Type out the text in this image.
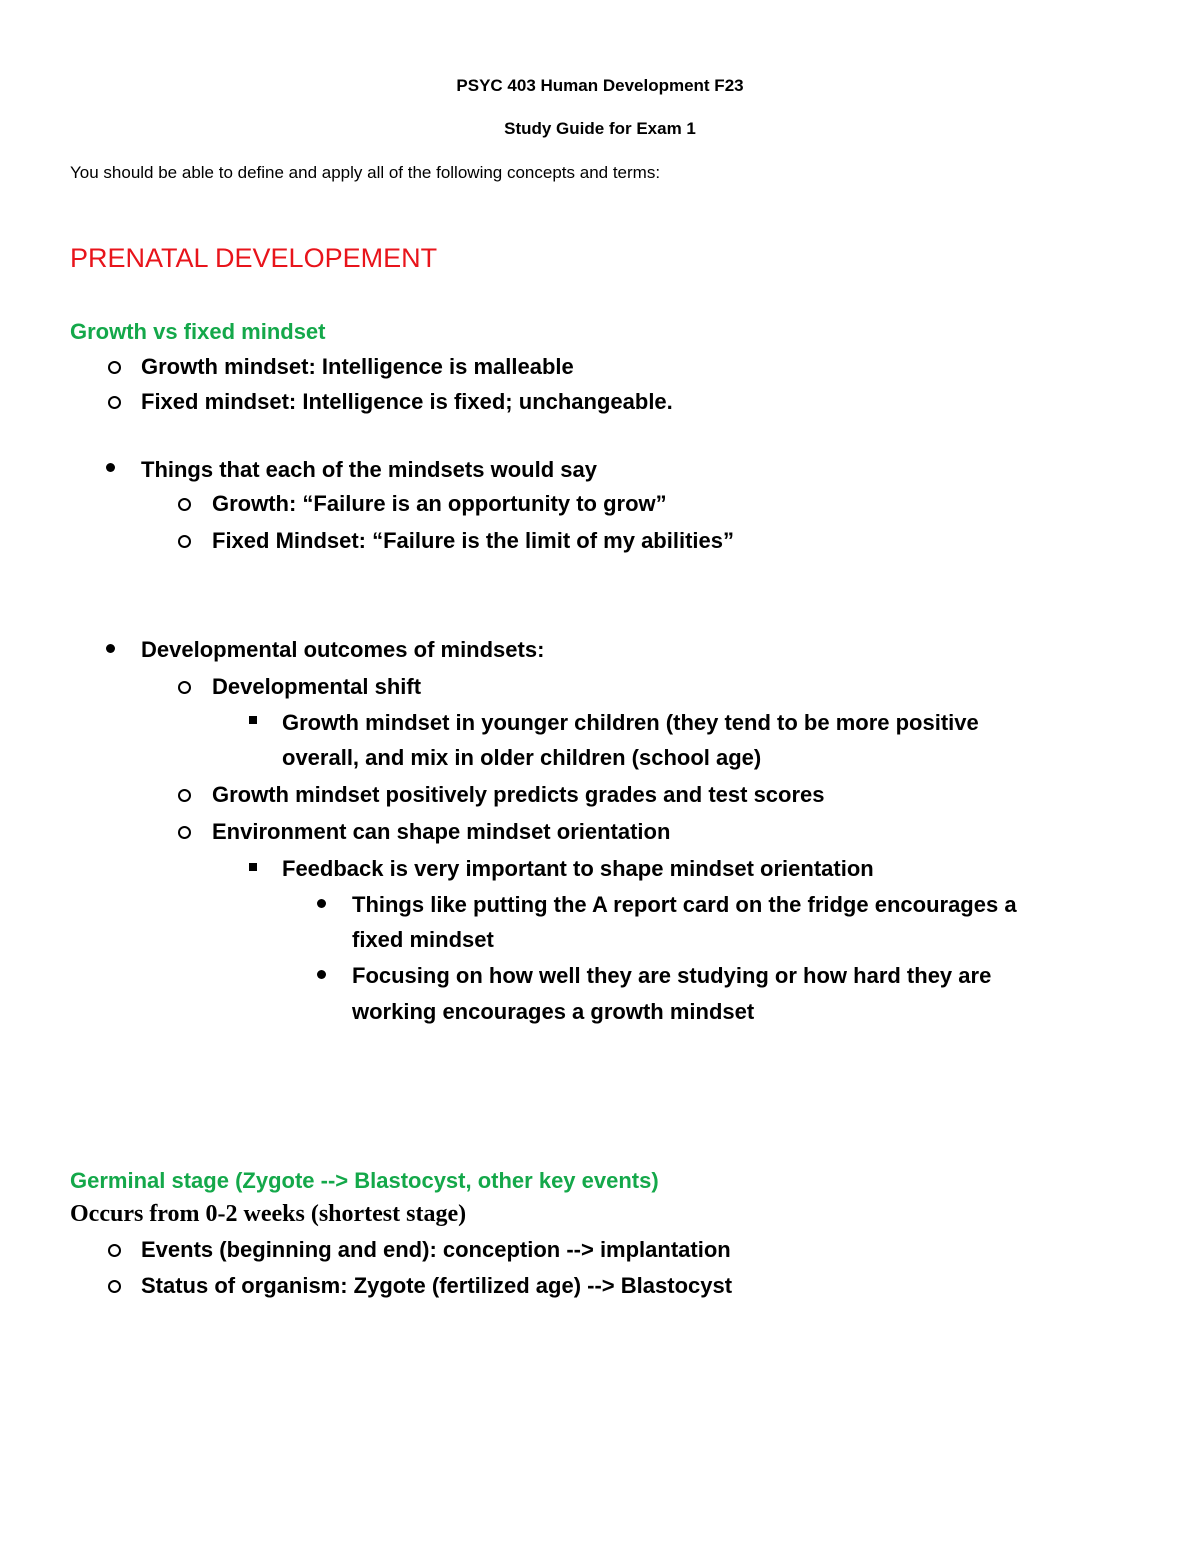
PSYC 403 Human Development F23
Study Guide for Exam 1
You should be able to define and apply all of the following concepts and terms:
PRENATAL DEVELOPEMENT
Growth vs fixed mindset
Growth mindset: Intelligence is malleable
Fixed mindset: Intelligence is fixed; unchangeable.
Things that each of the mindsets would say
Growth: “Failure is an opportunity to grow”
Fixed Mindset: “Failure is the limit of my abilities”
Developmental outcomes of mindsets:
Developmental shift
Growth mindset in younger children (they tend to be more positive
overall, and mix in older children (school age)
Growth mindset positively predicts grades and test scores
Environment can shape mindset orientation
Feedback is very important to shape mindset orientation
Things like putting the A report card on the fridge encourages a
fixed mindset
Focusing on how well they are studying or how hard they are
working encourages a growth mindset
Germinal stage (Zygote --> Blastocyst, other key events)
Occurs from 0-2 weeks (shortest stage)
Events (beginning and end): conception --> implantation
Status of organism: Zygote (fertilized age) --> Blastocyst
